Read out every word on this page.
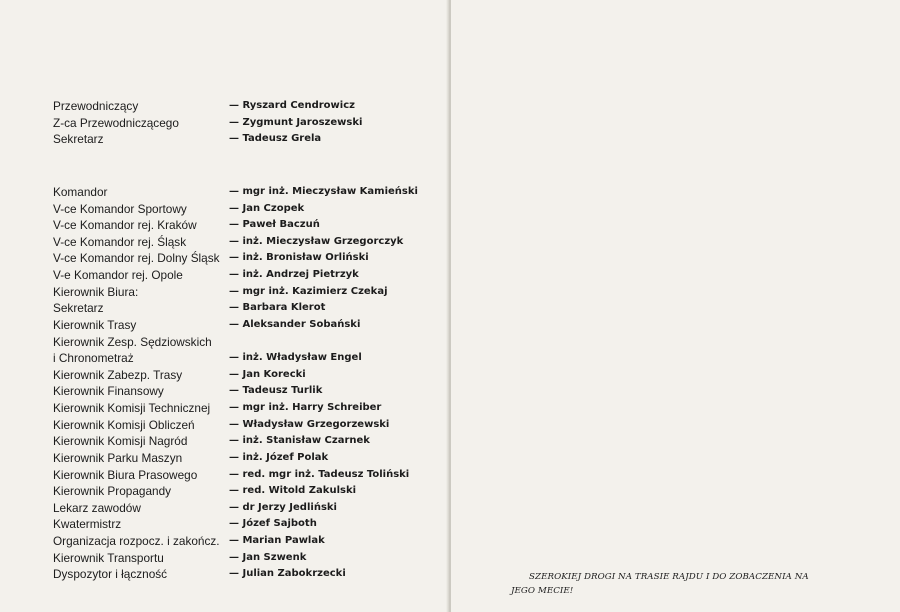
Przewodniczący	— Ryszard Cendrowicz
Z-ca Przewodniczącego	— Zygmunt Jaroszewski
Sekretarz	— Tadeusz Grela
Komandor	— mgr inż. Mieczysław Kamieński
V-ce Komandor Sportowy	— Jan Czopek
V-ce Komandor rej. Kraków	— Paweł Baczuń
V-ce Komandor rej. Śląsk	— inż. Mieczysław Grzegorczyk
V-ce Komandor rej. Dolny Śląsk — inż. Bronisław Orliński
V-e Komandor rej. Opole	— inż. Andrzej Pietrzyk
Kierownik Biura:	— mgr inż. Kazimierz Czekaj
Sekretarz	— Barbara Klerot
Kierownik Trasy	— Aleksander Sobański
Kierownik Zesp. Sędziowskich
i Chronometraż	— inż. Władysław Engel
Kierownik Zabezp. Trasy	— Jan Korecki
Kierownik Finansowy	— Tadeusz Turlik
Kierownik Komisji Technicznej — mgr inż. Harry Schreiber
Kierownik Komisji Obliczeń	— Władysław Grzegorzewski
Kierownik Komisji Nagród	— inż. Stanisław Czarnek
Kierownik Parku Maszyn	— inż. Józef Polak
Kierownik Biura Prasowego	— red. mgr inż. Tadeusz Toliński
Kierownik Propagandy	— red. Witold Zakulski
Lekarz zawodów	— dr Jerzy Jedliński
Kwatermistrz	— Józef Sajboth
Organizacja rozpocz. i zakończ. — Marian Pawlak
Kierownik Transportu	— Jan Szwenk
Dyspozytor i łączność	— Julian Zabokrzecki	SZEROKIEJ DROGI NA TRASIE RAJDU I DO ZOBACZENIA NA
JEGO MECIE!
